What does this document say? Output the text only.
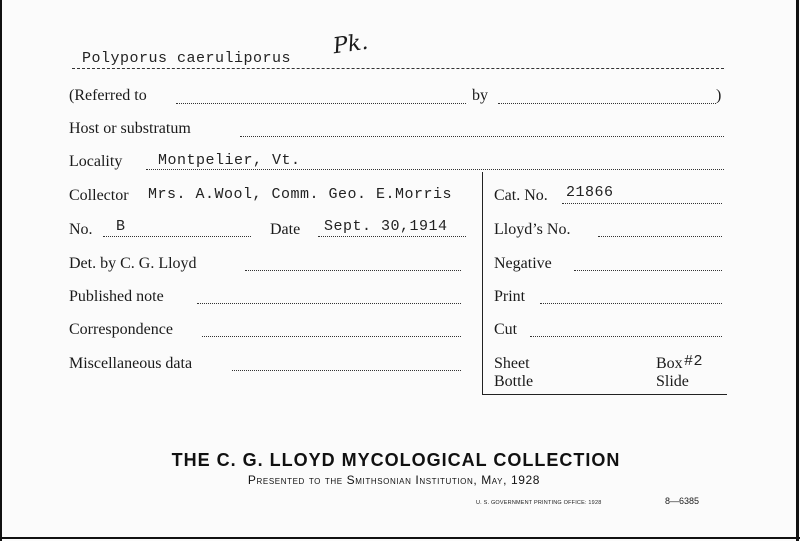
Polyporus caeruliporus Pk.
(Referred to	by	)
Host or substratum
Locality Montpelier, Vt.
Collector Mrs. A.Wool, Comm. Geo. E.Morris
No. B	Date Sept. 30,1914
Det. by C. G. Lloyd
Published note
Correspondence
Miscellaneous data
Cat. No. 21866
Lloyd’s No.
Negative
Print
Cut
Sheet	Box #2
Bottle	Slide
THE C. G. LLOYD MYCOLOGICAL COLLECTION
Presented to the Smithsonian Institution, May, 1928
U. S. GOVERNMENT PRINTING OFFICE: 1928	8—6385
